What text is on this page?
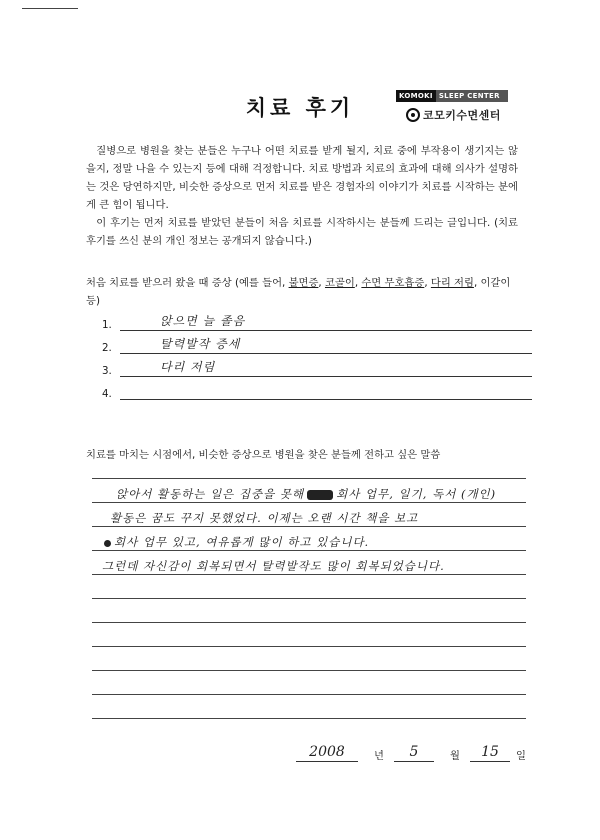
치료 후기	KOMOKI SLEEP CENTER
코모키수면센터

질병으로 병원을 찾는 분들은 누구나 어떤 치료를 받게 될지, 치료 중에 부작용이 생기지는 않을지, 정말 나을 수 있는지 등에 대해 걱정합니다. 치료 방법과 치료의 효과에 대해 의사가 설명하는 것은 당연하지만, 비슷한 증상으로 먼저 치료를 받은 경험자의 이야기가 치료를 시작하는 분에게 큰 힘이 됩니다.

이 후기는 먼저 치료를 받았던 분들이 처음 치료를 시작하시는 분들께 드리는 글입니다. (치료 후기를 쓰신 분의 개인 정보는 공개되지 않습니다.)

처음 치료를 받으러 왔을 때 증상 (예를 들어, 불면증, 코골이, 수면 무호흡증, 다리 저림, 이갈이 등)
1.	앉으면 늘 졸음
2.	탈력발작 증세
3.	다리 저림
4.
치료를 마치는 시점에서, 비슷한 증상으로 병원을 찾은 분들께 전하고 싶은 말씀
앉아서 활동하는 일은 집중을 못해	회사 업무, 일기, 독서 (개인)
활동은 꿈도 꾸지 못했었다. 이제는 오랜 시간 책을 보고
회사 업무 있고, 여유롭게 많이 하고 있습니다.
그런데 자신감이 회복되면서 탈력발작도 많이 회복되었습니다.
2008	년	5	월	15	일
